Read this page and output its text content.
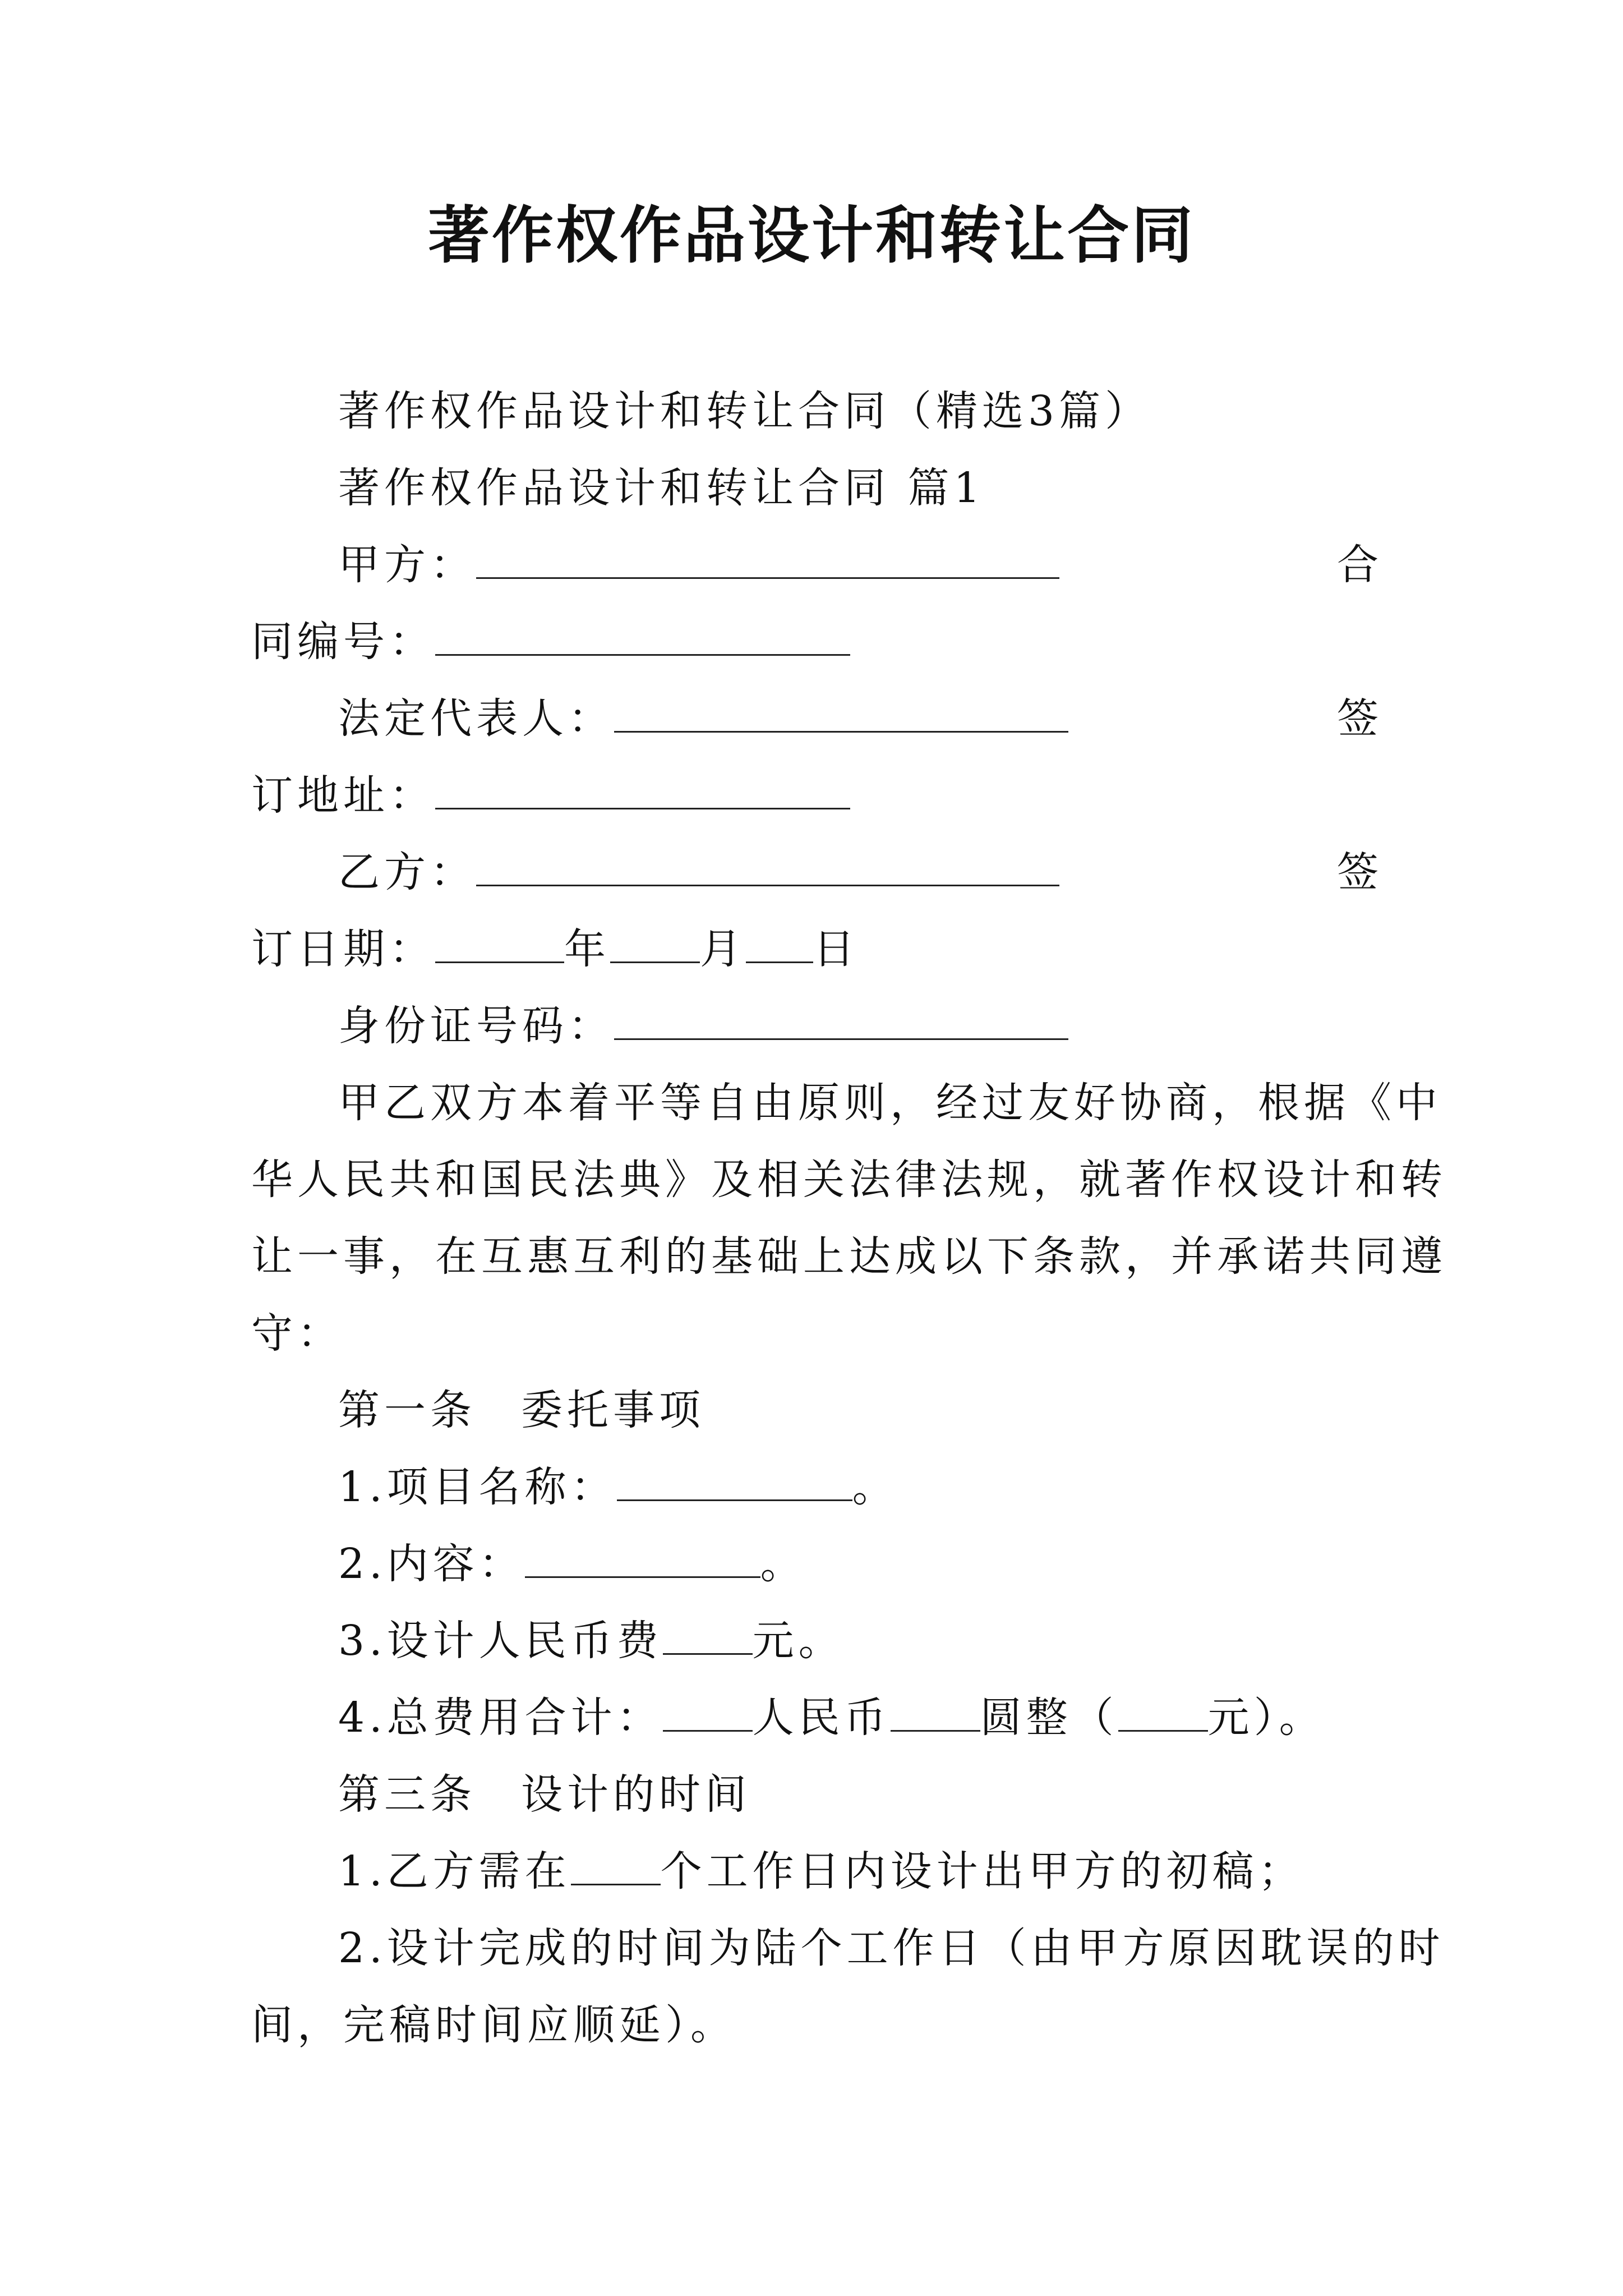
著作权作品设计和转让合同
著作权作品设计和转让合同（精选3篇）
著作权作品设计和转让合同 篇1
甲方：	合
同编号：
法定代表人：	签
订地址：
乙方：	签
订日期：	年 月 日
身份证号码：
甲乙双方本着平等自由原则，经过友好协商，根据《中
华人民共和国民法典》及相关法律法规，就著作权设计和转
让一事，在互惠互利的基础上达成以下条款，并承诺共同遵
守：
第一条 委托事项
1.项目名称：	。
2.内容：	。
3.设计人民币费 元。
4.总费用合计： 人民币 圆整（ 元）。
第三条 设计的时间
1.乙方需在 个工作日内设计出甲方的初稿；
2.设计完成的时间为陆个工作日（由甲方原因耽误的时
间，完稿时间应顺延）。
